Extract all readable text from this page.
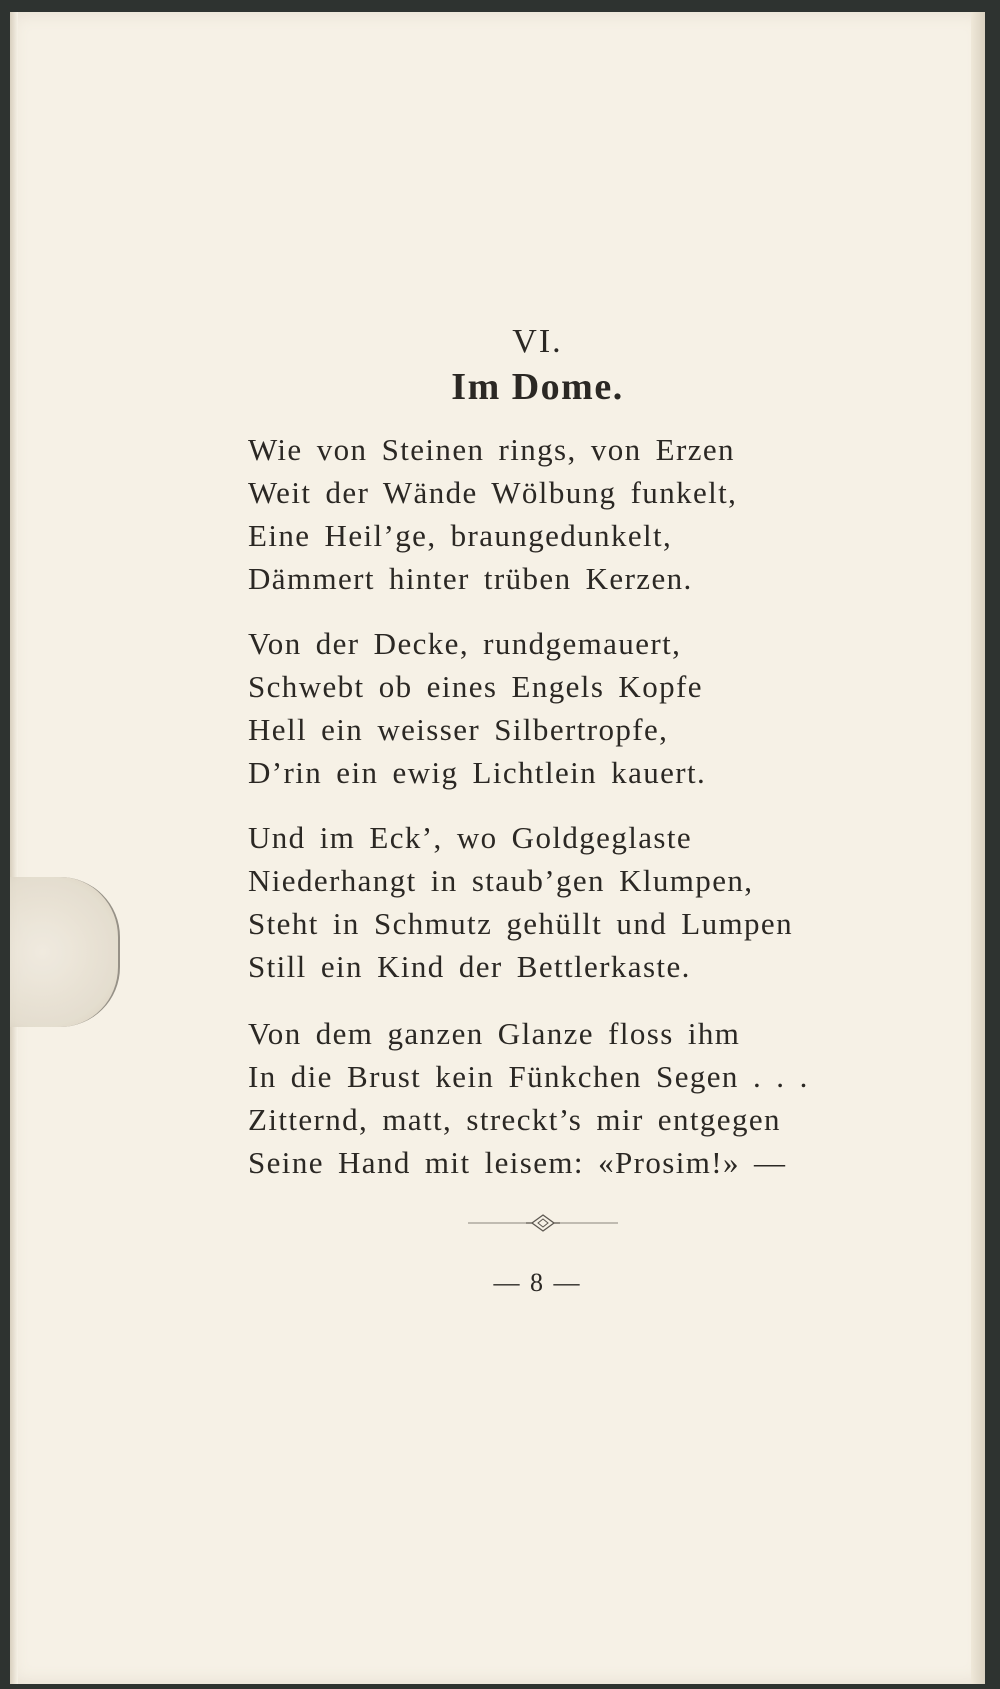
VI.
Im Dome.
Wie von Steinen rings, von Erzen
Weit der Wände Wölbung funkelt,
Eine Heil’ge, braungedunkelt,
Dämmert hinter trüben Kerzen.
Von der Decke, rundgemauert,
Schwebt ob eines Engels Kopfe
Hell ein weisser Silbertropfe,
D’rin ein ewig Lichtlein kauert.
Und im Eck’, wo Goldgeglaste
Niederhangt in staub’gen Klumpen,
Steht in Schmutz gehüllt und Lumpen
Still ein Kind der Bettlerkaste.
Von dem ganzen Glanze floss ihm
In die Brust kein Fünkchen Segen . . .
Zitternd, matt, streckt’s mir entgegen
Seine Hand mit leisem: «Prosim!» —
— 8 —
